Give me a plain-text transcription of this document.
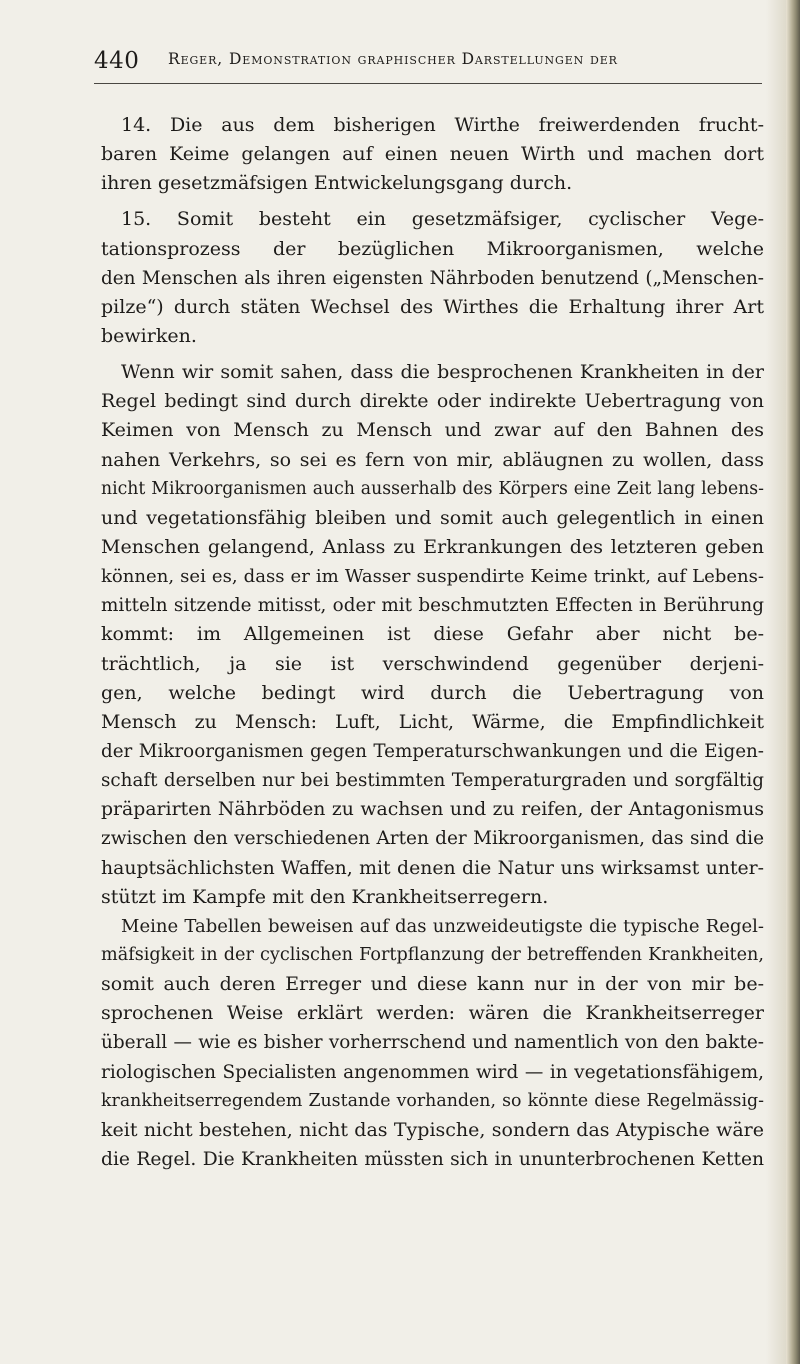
440 Reger, Demonstration graphischer Darstellungen der
14. Die aus dem bisherigen Wirthe freiwerdenden frucht-
baren Keime gelangen auf einen neuen Wirth und machen dort
ihren gesetzmäfsigen Entwickelungsgang durch.
15. Somit besteht ein gesetzmäfsiger, cyclischer Vege-
tationsprozess der bezüglichen Mikroorganismen, welche
den Menschen als ihren eigensten Nährboden benutzend („Menschen-
pilze“) durch stäten Wechsel des Wirthes die Erhaltung ihrer Art
bewirken.
Wenn wir somit sahen, dass die besprochenen Krankheiten in der
Regel bedingt sind durch direkte oder indirekte Uebertragung von
Keimen von Mensch zu Mensch und zwar auf den Bahnen des
nahen Verkehrs, so sei es fern von mir, abläugnen zu wollen, dass
nicht Mikroorganismen auch ausserhalb des Körpers eine Zeit lang lebens-
und vegetationsfähig bleiben und somit auch gelegentlich in einen
Menschen gelangend, Anlass zu Erkrankungen des letzteren geben
können, sei es, dass er im Wasser suspendirte Keime trinkt, auf Lebens-
mitteln sitzende mitisst, oder mit beschmutzten Effecten in Berührung
kommt: im Allgemeinen ist diese Gefahr aber nicht be-
trächtlich, ja sie ist verschwindend gegenüber derjeni-
gen, welche bedingt wird durch die Uebertragung von
Mensch zu Mensch: Luft, Licht, Wärme, die Empfindlichkeit
der Mikroorganismen gegen Temperaturschwankungen und die Eigen-
schaft derselben nur bei bestimmten Temperaturgraden und sorgfältig
präparirten Nährböden zu wachsen und zu reifen, der Antagonismus
zwischen den verschiedenen Arten der Mikroorganismen, das sind die
hauptsächlichsten Waffen, mit denen die Natur uns wirksamst unter-
stützt im Kampfe mit den Krankheitserregern.
Meine Tabellen beweisen auf das unzweideutigste die typische Regel-
mäfsigkeit in der cyclischen Fortpflanzung der betreffenden Krankheiten,
somit auch deren Erreger und diese kann nur in der von mir be-
sprochenen Weise erklärt werden: wären die Krankheitserreger
überall — wie es bisher vorherrschend und namentlich von den bakte-
riologischen Specialisten angenommen wird — in vegetationsfähigem,
krankheitserregendem Zustande vorhanden, so könnte diese Regelmässig-
keit nicht bestehen, nicht das Typische, sondern das Atypische wäre
die Regel. Die Krankheiten müssten sich in ununterbrochenen Ketten
